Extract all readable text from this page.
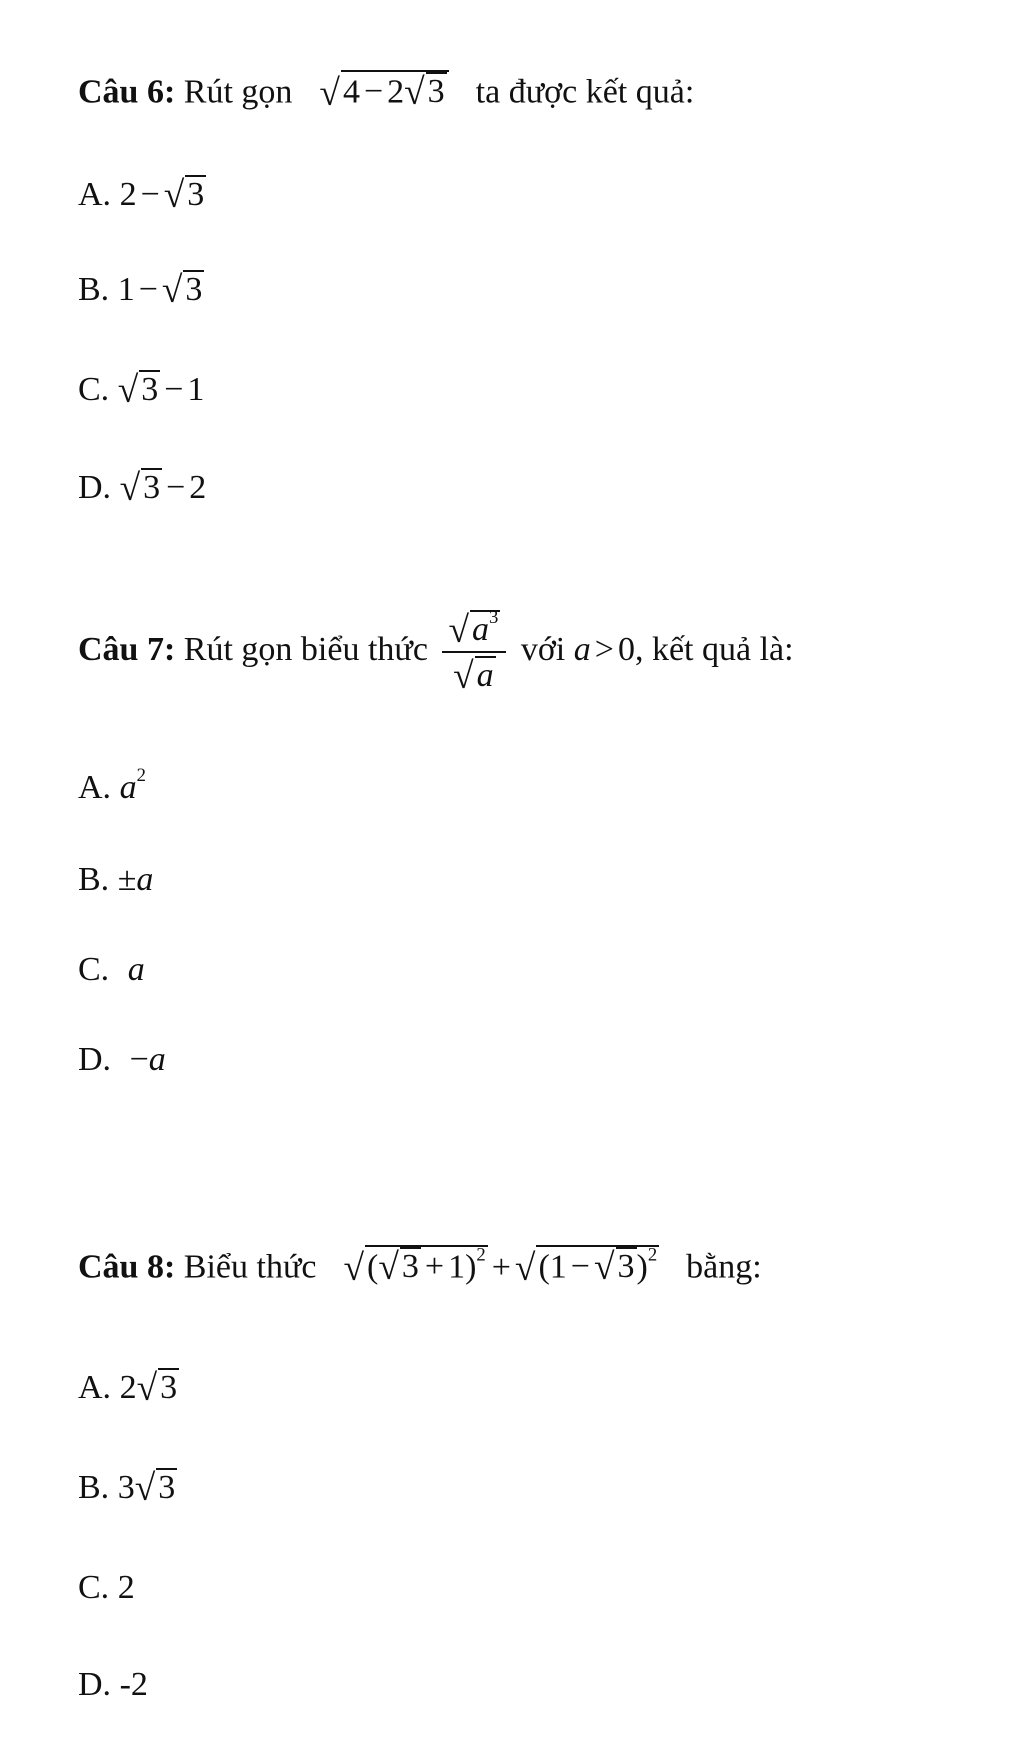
Câu 6: Rút gọn √ 4 − 2 √ 3 ta được kết quả:
A. 2 − √ 3
B. 1 − √ 3
C. √ 3 − 1
D. √ 3 − 2
Câu 7: Rút gọn biểu thức $\frac{√ a^3}{√ a}$ với a > 0, kết quả là:
A. $a^2$
B. ±a
C. a
D. −a
Câu 8: Biểu thức √ ( √ 3 + 1)$^2$ + √ (1 − √ 3 )$^2$ bằng:
A. 2 √ 3
B. 3 √ 3
C. 2
D. -2
